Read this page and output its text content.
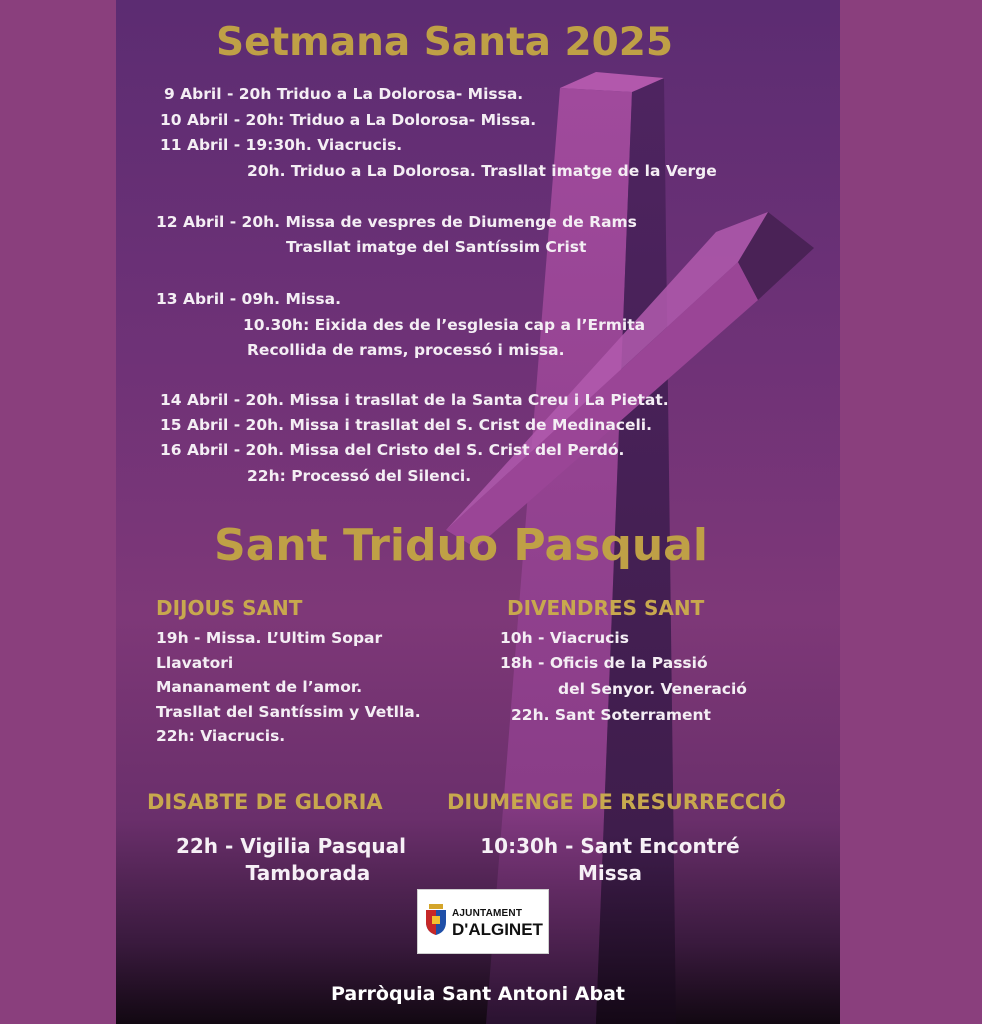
Setmana Santa 2025
9 Abril - 20h Triduo a La Dolorosa- Missa.
10 Abril - 20h: Triduo a La Dolorosa- Missa.
11 Abril - 19:30h. Viacrucis.
20h. Triduo a La Dolorosa. Trasllat imatge de la Verge
12 Abril - 20h. Missa de vespres de Diumenge de Rams
Trasllat imatge del Santíssim Crist
13 Abril - 09h. Missa.
10.30h: Eixida des de l’esglesia cap a l’Ermita
Recollida de rams, processó i missa.
14 Abril - 20h. Missa i trasllat de la Santa Creu i La Pietat.
15 Abril - 20h. Missa i trasllat del S. Crist de Medinaceli.
16 Abril - 20h. Missa del Cristo del S. Crist del Perdó.
22h: Processó del Silenci.
Sant Triduo Pasqual
DIJOUS SANT
19h - Missa. L’Ultim Sopar
Llavatori
Mananament de l’amor.
Trasllat del Santíssim y Vetlla.
22h: Viacrucis.
DIVENDRES SANT
10h - Viacrucis
18h - Oficis de la Passió
del Senyor. Veneració
22h. Sant Soterrament
DISABTE DE GLORIA
22h - Vigilia Pasqual
Tamborada
DIUMENGE DE RESURRECCIÓ
10:30h - Sant Encontré
Missa
AJUNTAMENT
D'ALGINET
Parròquia Sant Antoni Abat
